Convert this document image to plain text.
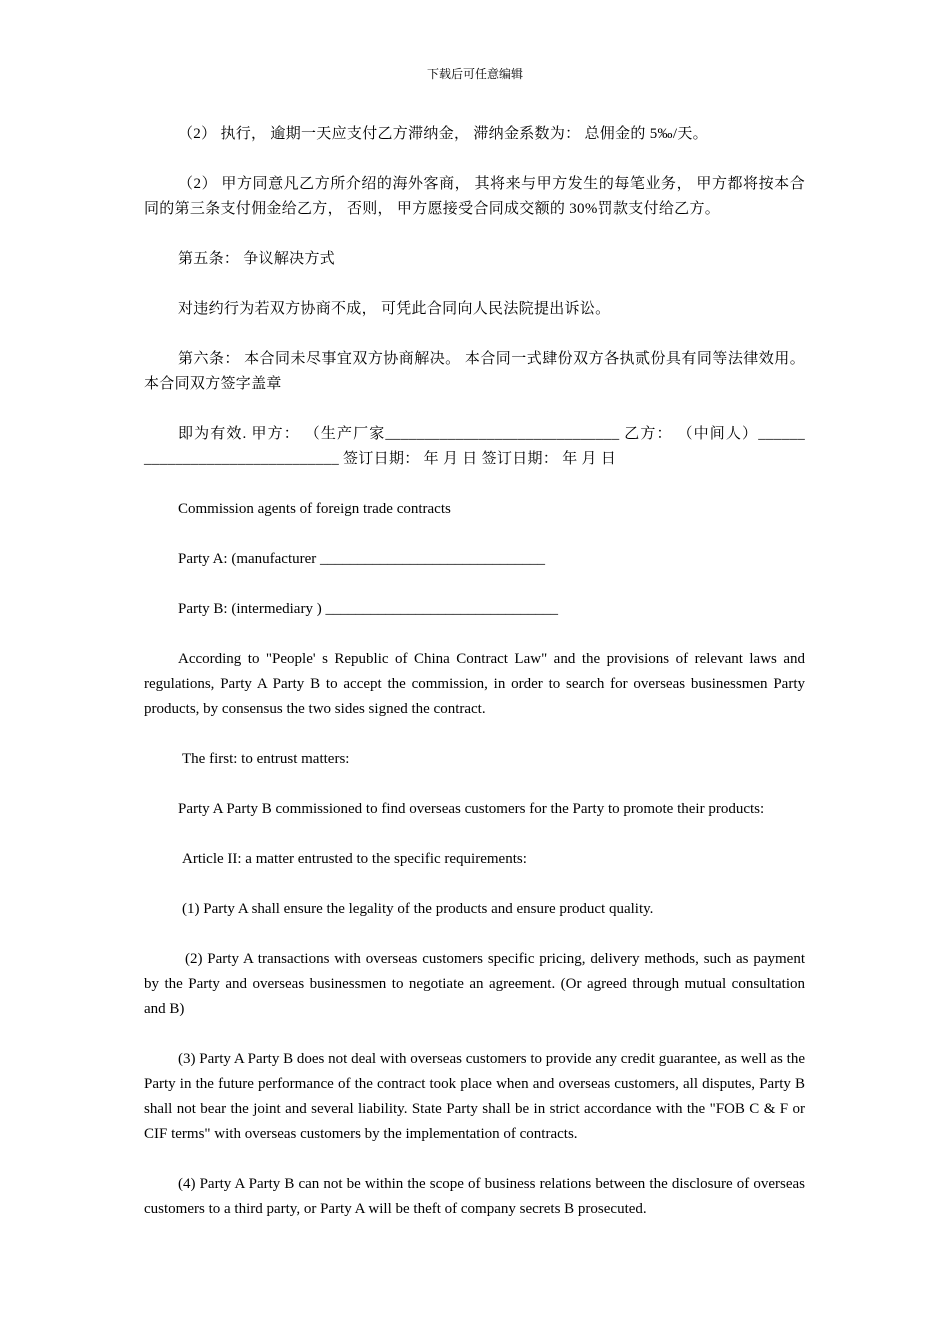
下载后可任意编辑

（2） 执行， 逾期一天应支付乙方滞纳金， 滞纳金系数为： 总佣金的 5‰/天。

（2） 甲方同意凡乙方所介绍的海外客商， 其将来与甲方发生的每笔业务， 甲方都将按本合同的第三条支付佣金给乙方， 否则， 甲方愿接受合同成交额的 30%罚款支付给乙方。

第五条： 争议解决方式

对违约行为若双方协商不成， 可凭此合同向人民法院提出诉讼。

第六条： 本合同未尽事宜双方协商解决。 本合同一式肆份双方各执贰份具有同等法律效用。 本合同双方签字盖章

即为有效. 甲方： （生产厂家______________________________ 乙方： （中间人）______ _________________________ 签订日期： 年 月 日 签订日期： 年 月 日

Commission agents of foreign trade contracts

Party A: (manufacturer ______________________________

Party B: (intermediary ) _______________________________

According to "People' s Republic of China Contract Law" and the provisions of relevant laws and regulations, Party A Party B to accept the commission, in order to search for overseas businessmen Party products, by consensus the two sides signed the contract.

The first: to entrust matters:

Party A Party B commissioned to find overseas customers for the Party to promote their products:

Article II: a matter entrusted to the specific requirements:

(1) Party A shall ensure the legality of the products and ensure product quality.

(2) Party A transactions with overseas customers specific pricing, delivery methods, such as payment by the Party and overseas businessmen to negotiate an agreement. (Or agreed through mutual consultation and B)

(3) Party A Party B does not deal with overseas customers to provide any credit guarantee, as well as the Party in the future performance of the contract took place when and overseas customers, all disputes, Party B shall not bear the joint and several liability. State Party shall be in strict accordance with the "FOB C & F or CIF terms" with overseas customers by the implementation of contracts.

(4) Party A Party B can not be within the scope of business relations between the disclosure of overseas customers to a third party, or Party A will be theft of company secrets B prosecuted.
